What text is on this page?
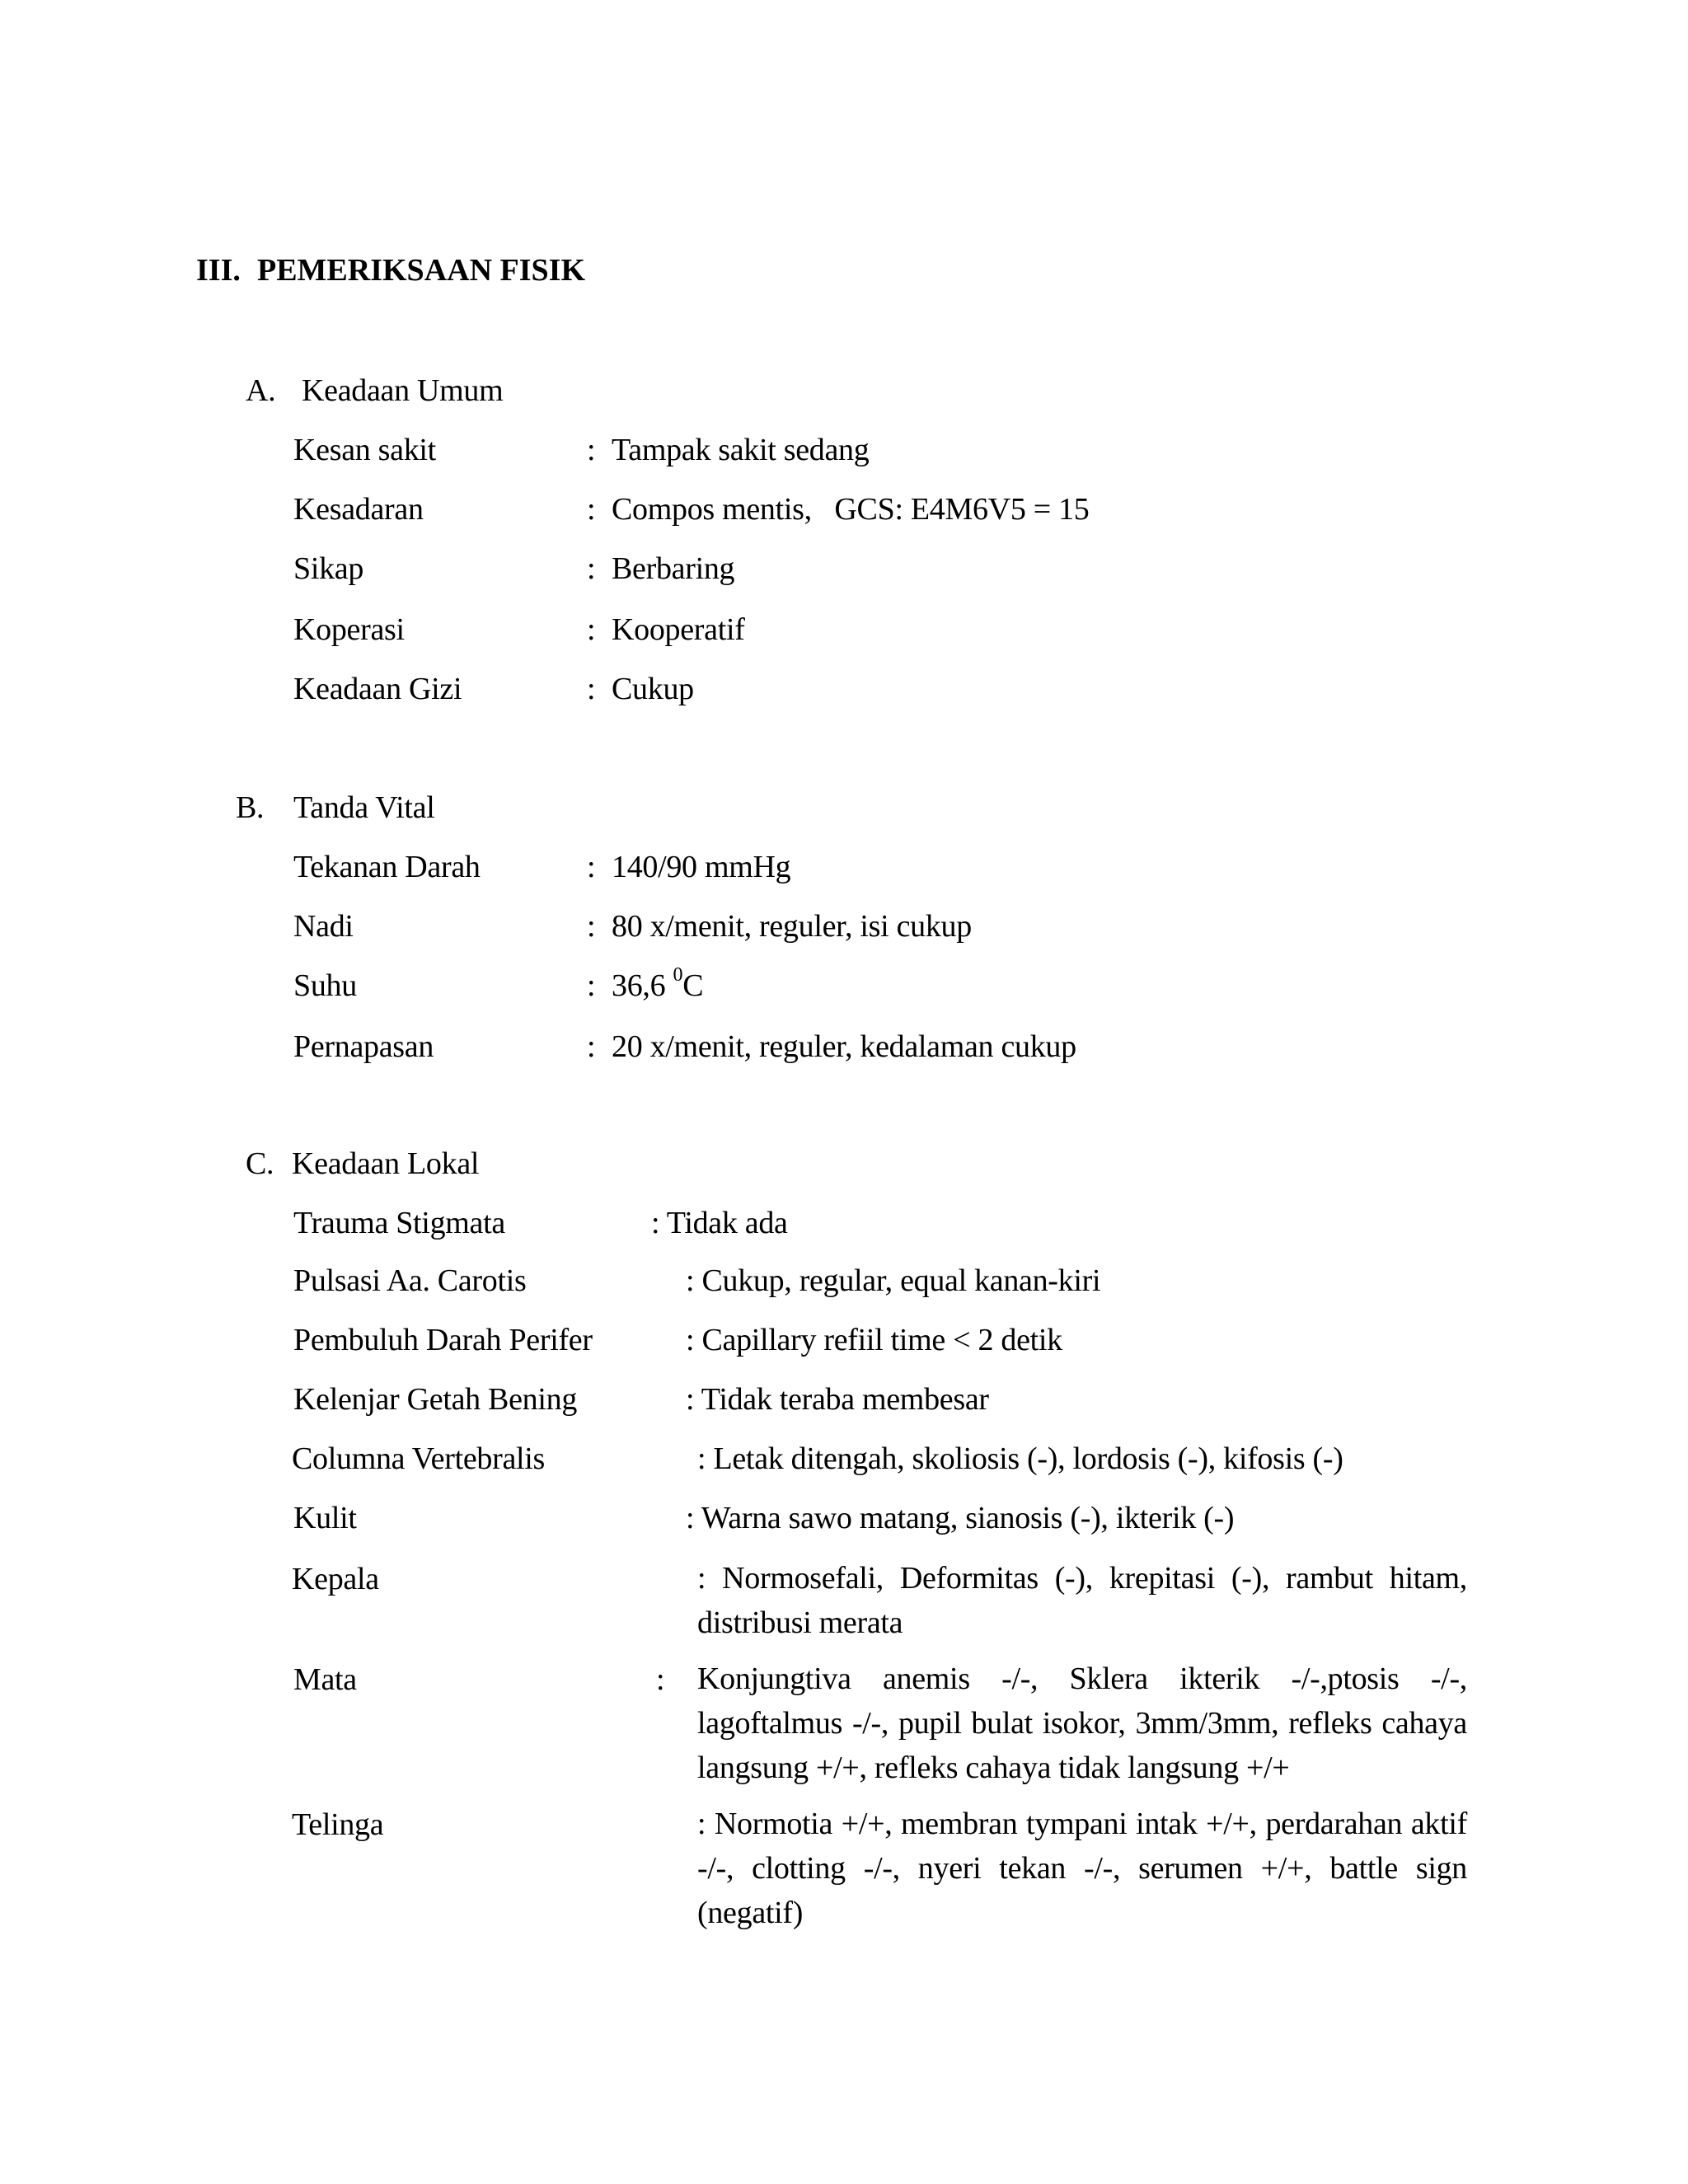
III. PEMERIKSAAN FISIK
A. Keadaan Umum
Kesan sakit	: Tampak sakit sedang
Kesadaran	: Compos mentis,   GCS: E4M6V5 = 15
Sikap	: Berbaring
Koperasi	: Kooperatif
Keadaan Gizi	: Cukup
B. Tanda Vital
Tekanan Darah	: 140/90 mmHg
Nadi	: 80 x/menit, reguler, isi cukup
Suhu	: 36,6 $^0$C
Pernapasan	: 20 x/menit, reguler, kedalaman cukup
C. Keadaan Lokal
Trauma Stigmata	: Tidak ada
Pulsasi Aa. Carotis	: Cukup, regular, equal kanan-kiri
Pembuluh Darah Perifer	: Capillary refiil time < 2 detik
Kelenjar Getah Bening	: Tidak teraba membesar
Columna Vertebralis	: Letak ditengah, skoliosis (-), lordosis (-), kifosis (-)
Kulit	: Warna sawo matang, sianosis (-), ikterik (-)
Kepala	: Normosefali, Deformitas (-), krepitasi (-), rambut hitam, distribusi merata
Mata	: Konjungtiva anemis -/-, Sklera ikterik -/-,ptosis -/-, lagoftalmus -/-, pupil bulat isokor, 3mm/3mm, refleks cahaya langsung +/+, refleks cahaya tidak langsung +/+
Telinga	: Normotia +/+, membran tympani intak +/+, perdarahan aktif -/-, clotting -/-, nyeri tekan -/-, serumen +/+, battle sign (negatif)
